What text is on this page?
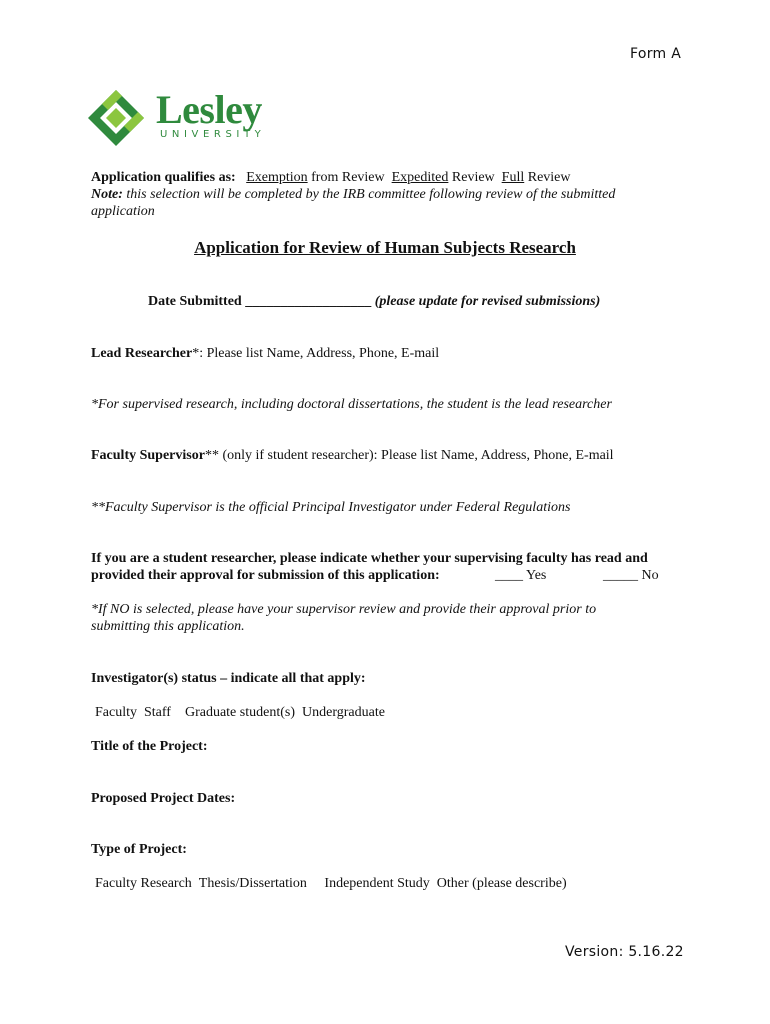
Form A
Lesley
UNIVERSITY
Application qualifies as: Exemption from Review Expedited Review Full Review
Note: this selection will be completed by the IRB committee following review of the submitted
application
Application for Review of Human Subjects Research
Date Submitted __________________ (please update for revised submissions)
Lead Researcher*: Please list Name, Address, Phone, E-mail
*For supervised research, including doctoral dissertations, the student is the lead researcher
Faculty Supervisor** (only if student researcher): Please list Name, Address, Phone, E-mail
**Faculty Supervisor is the official Principal Investigator under Federal Regulations
If you are a student researcher, please indicate whether your supervising faculty has read and
provided their approval for submission of this application:	____ Yes	_____ No
*If NO is selected, please have your supervisor review and provide their approval prior to
submitting this application.
Investigator(s) status – indicate all that apply:
Faculty Staff Graduate student(s) Undergraduate
Title of the Project:
Proposed Project Dates:
Type of Project:
Faculty Research Thesis/Dissertation Independent Study Other (please describe)
Version: 5.16.22
